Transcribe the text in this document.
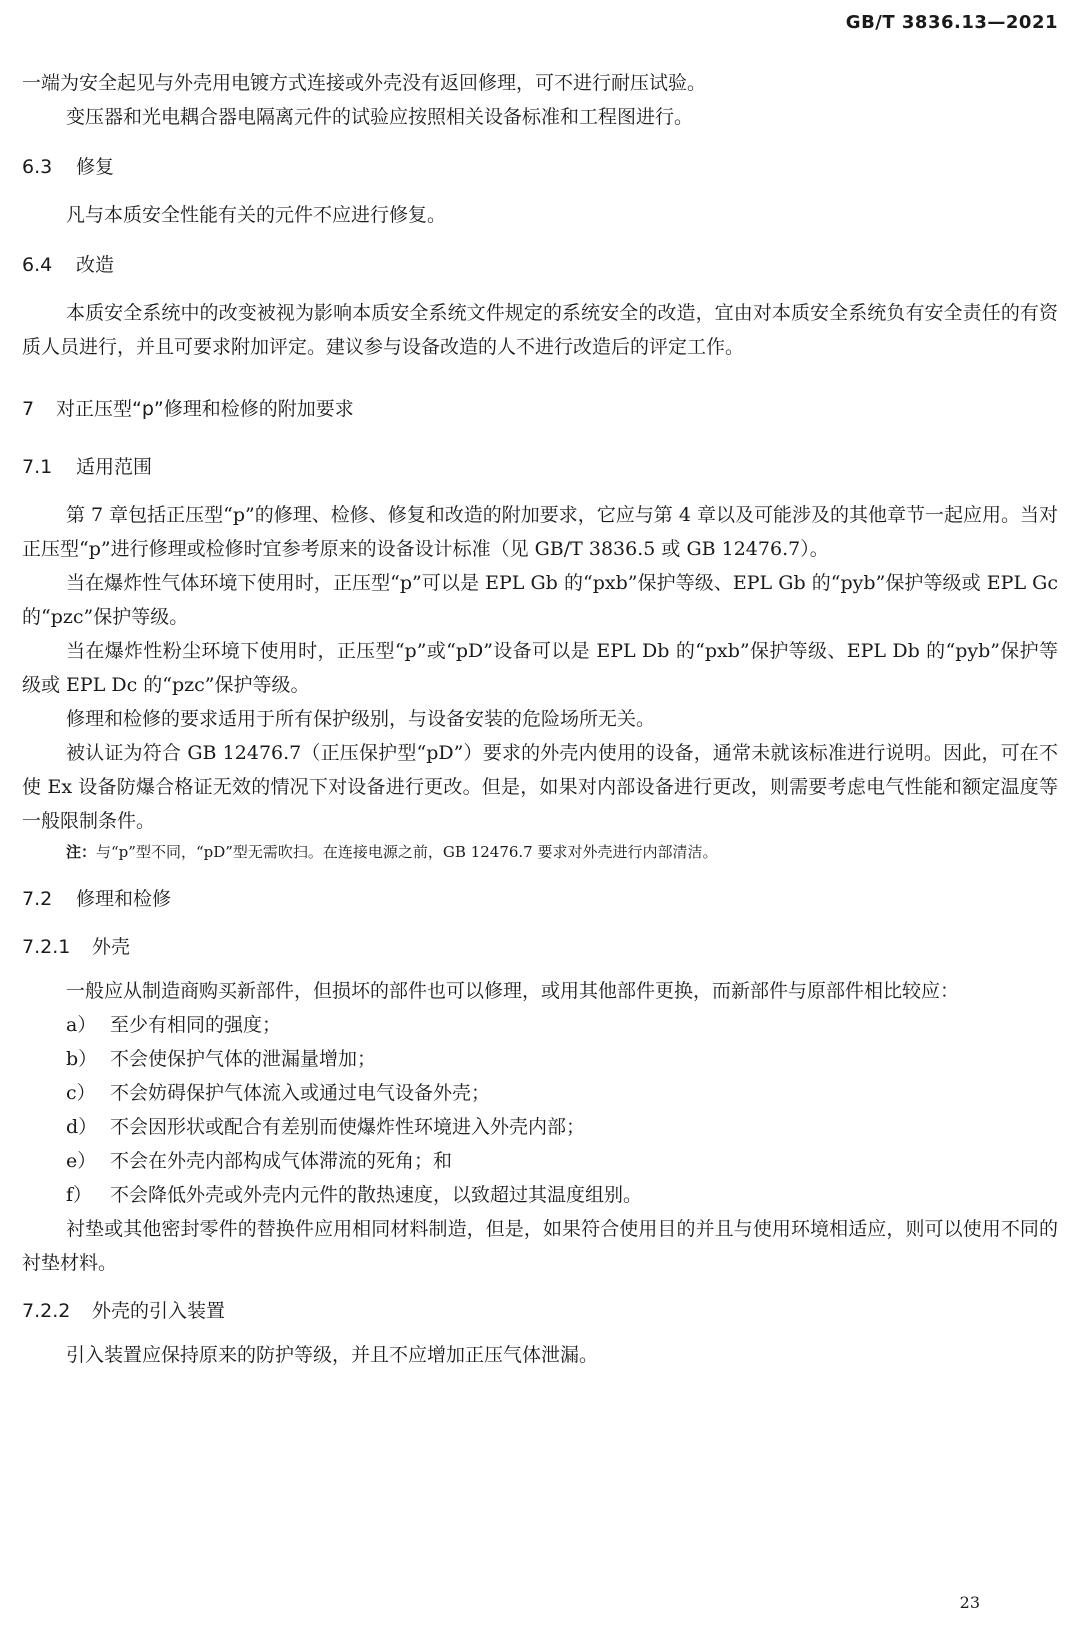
GB/T 3836.13—2021

一端为安全起见与外壳用电镀方式连接或外壳没有返回修理，可不进行耐压试验。

变压器和光电耦合器电隔离元件的试验应按照相关设备标准和工程图进行。

6.3 修复

凡与本质安全性能有关的元件不应进行修复。

6.4 改造

本质安全系统中的改变被视为影响本质安全系统文件规定的系统安全的改造，宜由对本质安全系统负有安全责任的有资质人员进行，并且可要求附加评定。建议参与设备改造的人不进行改造后的评定工作。

7 对正压型“p”修理和检修的附加要求
7.1 适用范围

第 7 章包括正压型“p”的修理、检修、修复和改造的附加要求，它应与第 4 章以及可能涉及的其他章节一起应用。当对正压型“p”进行修理或检修时宜参考原来的设备设计标准（见 GB/T 3836.5 或 GB 12476.7）。

当在爆炸性气体环境下使用时，正压型“p”可以是 EPL Gb 的“pxb”保护等级、EPL Gb 的“pyb”保护等级或 EPL Gc 的“pzc”保护等级。

当在爆炸性粉尘环境下使用时，正压型“p”或“pD”设备可以是 EPL Db 的“pxb”保护等级、EPL Db 的“pyb”保护等级或 EPL Dc 的“pzc”保护等级。

修理和检修的要求适用于所有保护级别，与设备安装的危险场所无关。

被认证为符合 GB 12476.7（正压保护型“pD”）要求的外壳内使用的设备，通常未就该标准进行说明。因此，可在不使 Ex 设备防爆合格证无效的情况下对设备进行更改。但是，如果对内部设备进行更改，则需要考虑电气性能和额定温度等一般限制条件。

注：与“p”型不同，“pD”型无需吹扫。在连接电源之前，GB 12476.7 要求对外壳进行内部清洁。

7.2 修理和检修
7.2.1 外壳

一般应从制造商购买新部件，但损坏的部件也可以修理，或用其他部件更换，而新部件与原部件相比较应：

a） 至少有相同的强度；
b） 不会使保护气体的泄漏量增加；
c） 不会妨碍保护气体流入或通过电气设备外壳；
d） 不会因形状或配合有差别而使爆炸性环境进入外壳内部；
e） 不会在外壳内部构成气体滞流的死角；和
f） 不会降低外壳或外壳内元件的散热速度，以致超过其温度组别。

衬垫或其他密封零件的替换件应用相同材料制造，但是，如果符合使用目的并且与使用环境相适应，则可以使用不同的衬垫材料。

7.2.2 外壳的引入装置

引入装置应保持原来的防护等级，并且不应增加正压气体泄漏。

23
